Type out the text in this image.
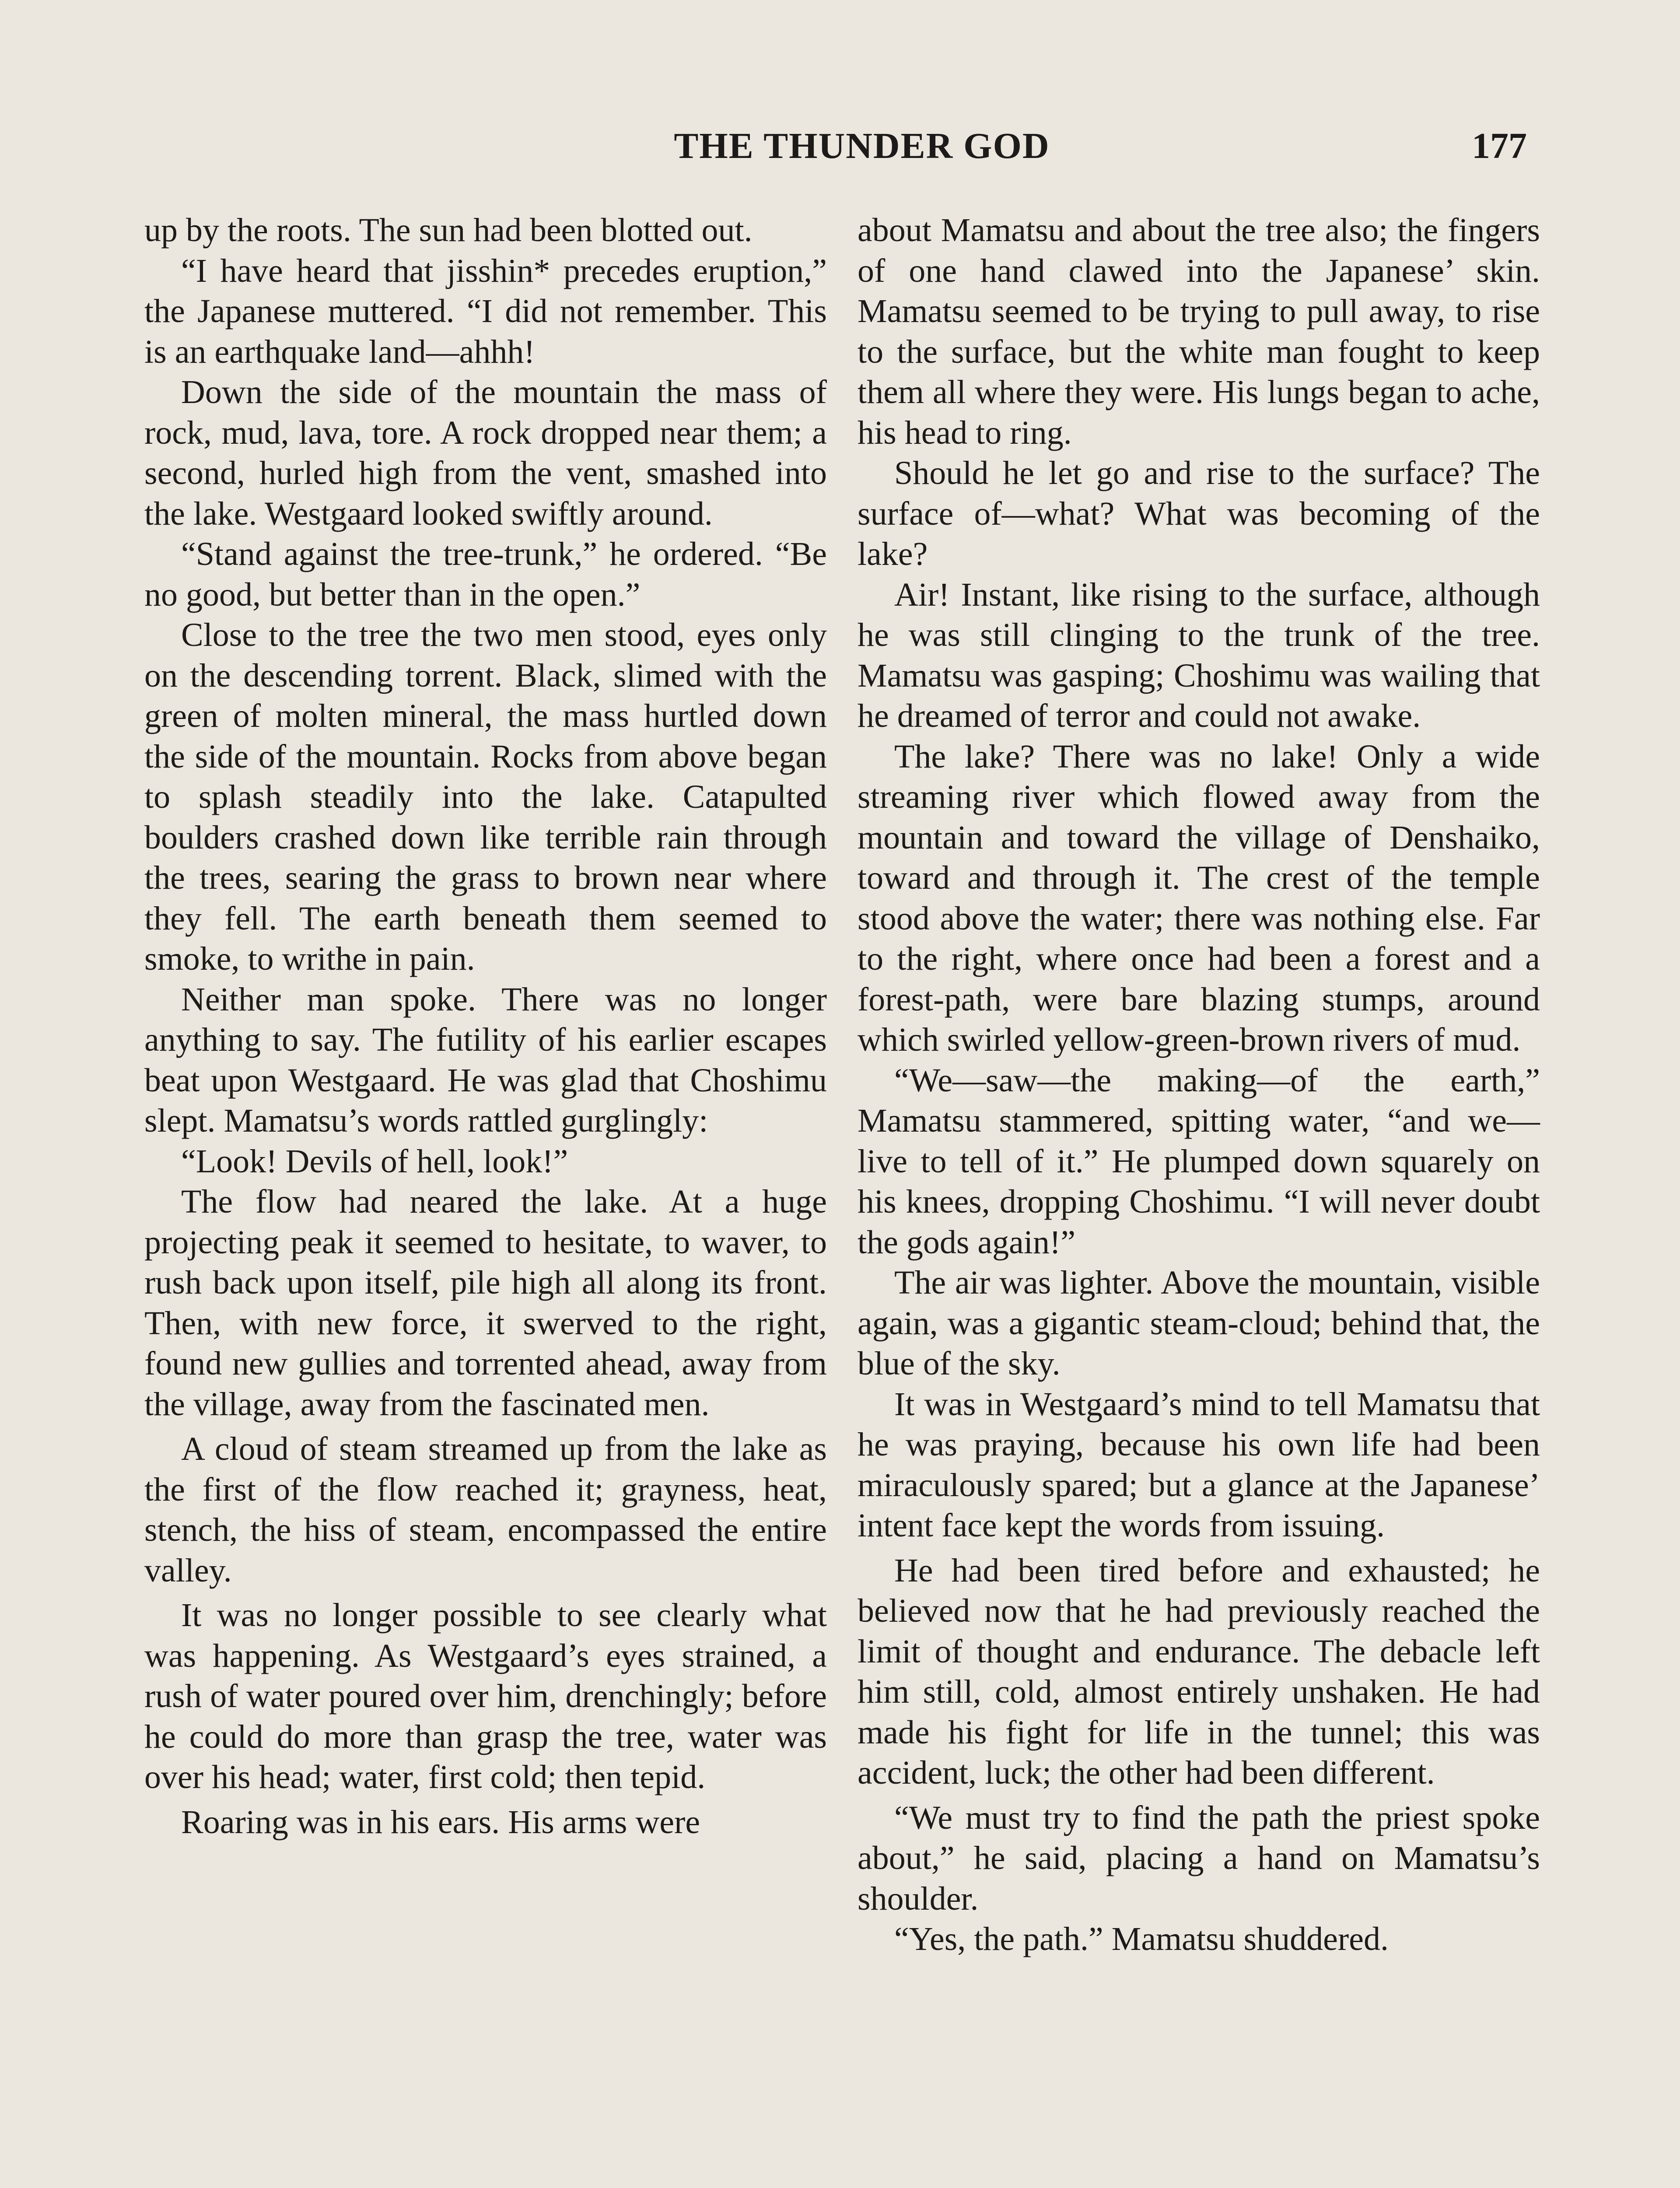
THE THUNDER GOD	177

up by the roots. The sun had been blotted out.

“I have heard that jisshin* precedes eruption,” the Japanese muttered. “I did not remember. This is an earthquake land—ahhh!

Down the side of the mountain the mass of rock, mud, lava, tore. A rock dropped near them; a second, hurled high from the vent, smashed into the lake. Westgaard looked swiftly around.

“Stand against the tree-trunk,” he ordered. “Be no good, but better than in the open.”

Close to the tree the two men stood, eyes only on the descending torrent. Black, slimed with the green of molten mineral, the mass hurtled down the side of the mountain. Rocks from above began to splash steadily into the lake. Catapulted boulders crashed down like terrible rain through the trees, searing the grass to brown near where they fell. The earth beneath them seemed to smoke, to writhe in pain.

Neither man spoke. There was no longer anything to say. The futility of his earlier escapes beat upon Westgaard. He was glad that Choshimu slept. Mamatsu’s words rattled gurglingly:

“Look! Devils of hell, look!”

The flow had neared the lake. At a huge projecting peak it seemed to hesitate, to waver, to rush back upon itself, pile high all along its front. Then, with new force, it swerved to the right, found new gullies and torrented ahead, away from the village, away from the fascinated men.

A cloud of steam streamed up from the lake as the first of the flow reached it; grayness, heat, stench, the hiss of steam, encompassed the entire valley.

It was no longer possible to see clearly what was happening. As Westgaard’s eyes strained, a rush of water poured over him, drenchingly; before he could do more than grasp the tree, water was over his head; water, first cold; then tepid.

Roaring was in his ears. His arms were

about Mamatsu and about the tree also; the fingers of one hand clawed into the Japanese’ skin. Mamatsu seemed to be trying to pull away, to rise to the surface, but the white man fought to keep them all where they were. His lungs began to ache, his head to ring.

Should he let go and rise to the surface? The surface of—what? What was becoming of the lake?

Air! Instant, like rising to the surface, although he was still clinging to the trunk of the tree. Mamatsu was gasping; Choshimu was wailing that he dreamed of terror and could not awake.

The lake? There was no lake! Only a wide streaming river which flowed away from the mountain and toward the village of Denshaiko, toward and through it. The crest of the temple stood above the water; there was nothing else. Far to the right, where once had been a forest and a forest-path, were bare blazing stumps, around which swirled yellow-green-brown rivers of mud.

“We—saw—the making—of the earth,” Mamatsu stammered, spitting water, “and we—live to tell of it.” He plumped down squarely on his knees, dropping Choshimu. “I will never doubt the gods again!”

The air was lighter. Above the mountain, visible again, was a gigantic steam-cloud; behind that, the blue of the sky.

It was in Westgaard’s mind to tell Mamatsu that he was praying, because his own life had been miraculously spared; but a glance at the Japanese’ intent face kept the words from issuing.

He had been tired before and exhausted; he believed now that he had previously reached the limit of thought and endurance. The debacle left him still, cold, almost entirely unshaken. He had made his fight for life in the tunnel; this was accident, luck; the other had been different.

“We must try to find the path the priest spoke about,” he said, placing a hand on Mamatsu’s shoulder.

“Yes, the path.” Mamatsu shuddered.
